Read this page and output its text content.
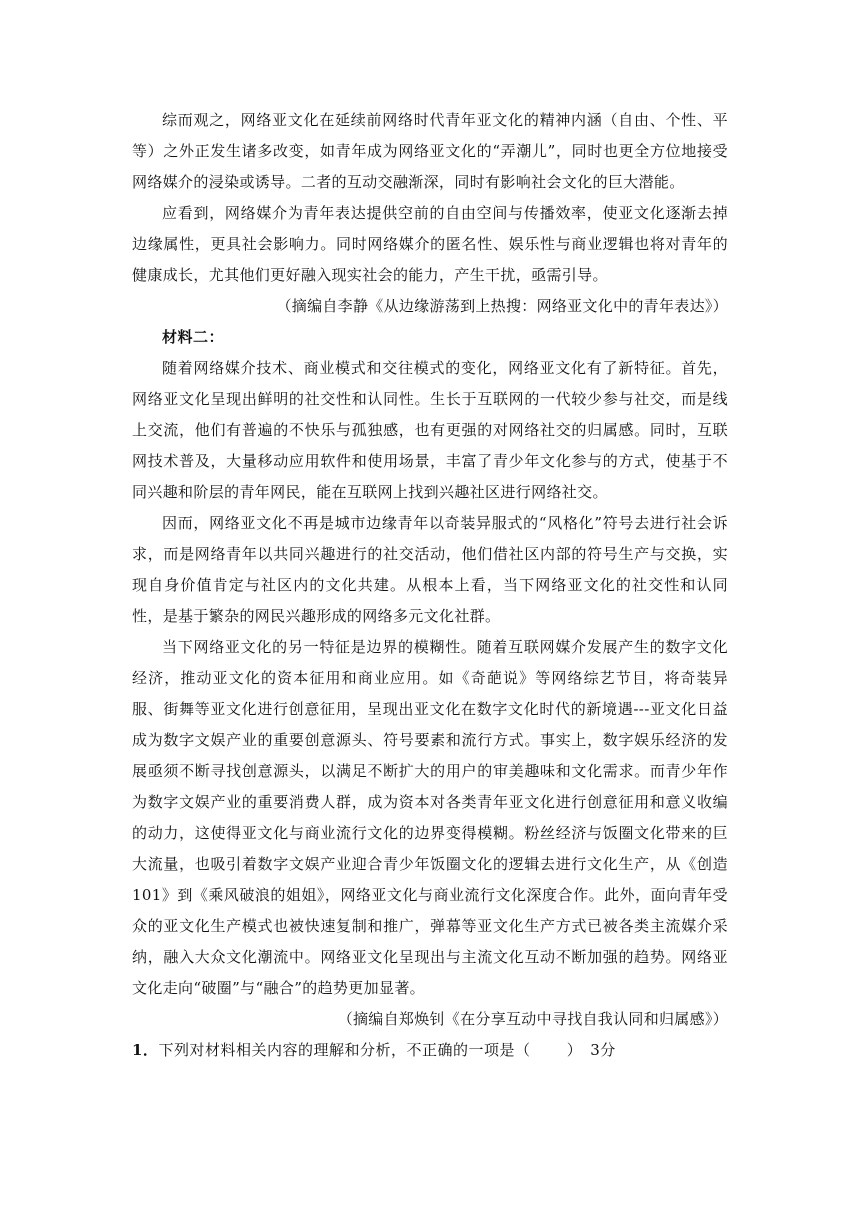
综而观之，网络亚文化在延续前网络时代青年亚文化的精神内涵（自由、个性、平等）之外正发生诸多改变，如青年成为网络亚文化的“弄潮儿”，同时也更全方位地接受网络媒介的浸染或诱导。二者的互动交融渐深，同时有影响社会文化的巨大潜能。

应看到，网络媒介为青年表达提供空前的自由空间与传播效率，使亚文化逐渐去掉边缘属性，更具社会影响力。同时网络媒介的匿名性、娱乐性与商业逻辑也将对青年的健康成长，尤其他们更好融入现实社会的能力，产生干扰，亟需引导。

（摘编自李静《从边缘游荡到上热搜：网络亚文化中的青年表达》）

材料二：

随着网络媒介技术、商业模式和交往模式的变化，网络亚文化有了新特征。首先，网络亚文化呈现出鲜明的社交性和认同性。生长于互联网的一代较少参与社交，而是线上交流，他们有普遍的不快乐与孤独感，也有更强的对网络社交的归属感。同时，互联网技术普及，大量移动应用软件和使用场景，丰富了青少年文化参与的方式，使基于不同兴趣和阶层的青年网民，能在互联网上找到兴趣社区进行网络社交。

因而，网络亚文化不再是城市边缘青年以奇装异服式的“风格化”符号去进行社会诉求，而是网络青年以共同兴趣进行的社交活动，他们借社区内部的符号生产与交换，实现自身价值肯定与社区内的文化共建。从根本上看，当下网络亚文化的社交性和认同性，是基于繁杂的网民兴趣形成的网络多元文化社群。

当下网络亚文化的另一特征是边界的模糊性。随着互联网媒介发展产生的数字文化经济，推动亚文化的资本征用和商业应用。如《奇葩说》等网络综艺节目，将奇装异服、街舞等亚文化进行创意征用，呈现出亚文化在数字文化时代的新境遇---亚文化日益成为数字文娱产业的重要创意源头、符号要素和流行方式。事实上，数字娱乐经济的发展亟须不断寻找创意源头，以满足不断扩大的用户的审美趣味和文化需求。而青少年作为数字文娱产业的重要消费人群，成为资本对各类青年亚文化进行创意征用和意义收编的动力，这使得亚文化与商业流行文化的边界变得模糊。粉丝经济与饭圈文化带来的巨大流量，也吸引着数字文娱产业迎合青少年饭圈文化的逻辑去进行文化生产，从《创造101》到《乘风破浪的姐姐》，网络亚文化与商业流行文化深度合作。此外，面向青年受众的亚文化生产模式也被快速复制和推广，弹幕等亚文化生产方式已被各类主流媒介采纳，融入大众文化潮流中。网络亚文化呈现出与主流文化互动不断加强的趋势。网络亚文化走向“破圈”与“融合”的趋势更加显著。

（摘编自郑焕钊《在分享互动中寻找自我认同和归属感》）

1．下列对材料相关内容的理解和分析，不正确的一项是（　　 ）　3分
